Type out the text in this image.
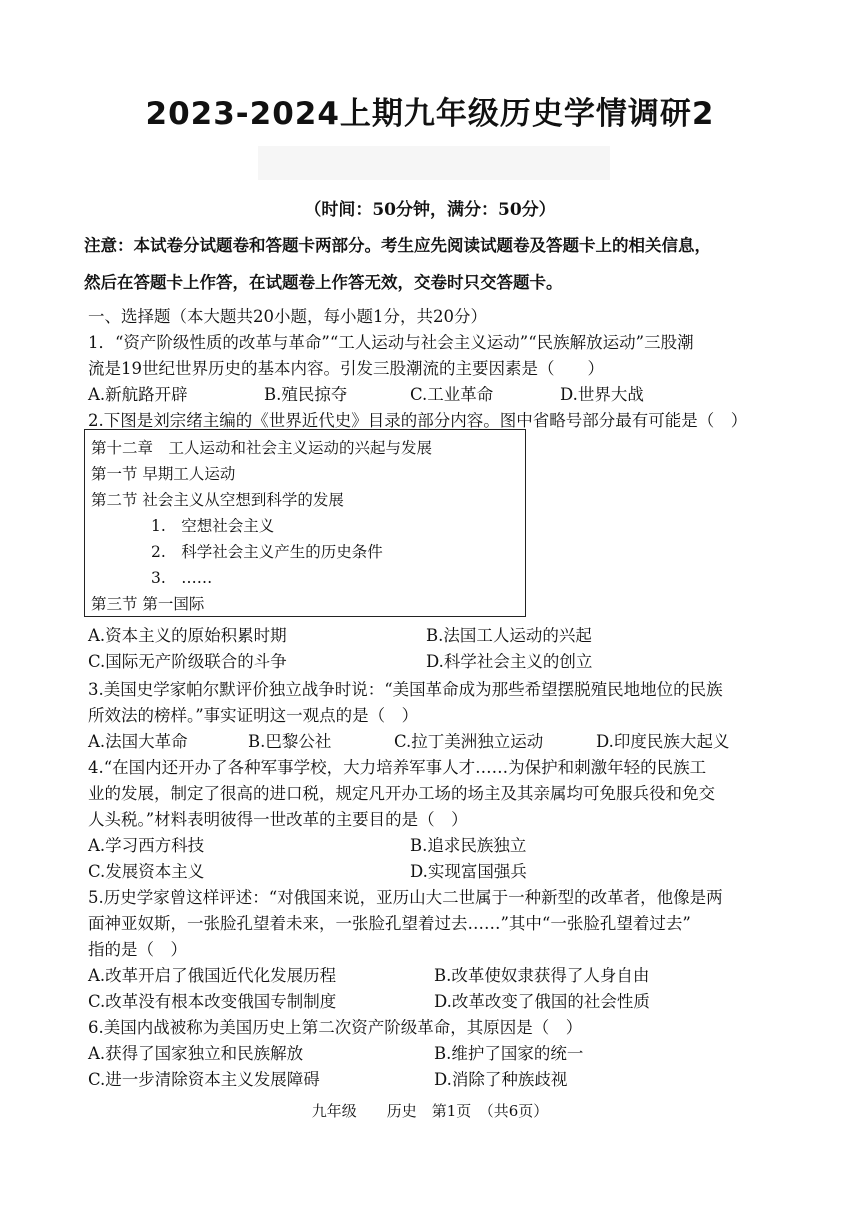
2023-2024上期九年级历史学情调研2
（时间：50分钟，满分：50分）
注意：本试卷分试题卷和答题卡两部分。考生应先阅读试题卷及答题卡上的相关信息，
然后在答题卡上作答，在试题卷上作答无效，交卷时只交答题卡。
一、选择题（本大题共20小题，每小题1分，共20分）
1．“资产阶级性质的改革与革命”“工人运动与社会主义运动”“民族解放运动”三股潮
流是19世纪世界历史的基本内容。引发三股潮流的主要因素是（　　）
A.新航路开辟	B.殖民掠夺	C.工业革命	D.世界大战
2.下图是刘宗绪主编的《世界近代史》目录的部分内容。图中省略号部分最有可能是（　）
第十二章　工人运动和社会主义运动的兴起与发展
第一节 早期工人运动
第二节 社会主义从空想到科学的发展
1.　空想社会主义
2.　科学社会主义产生的历史条件
3.　……
第三节 第一国际
A.资本主义的原始积累时期	B.法国工人运动的兴起
C.国际无产阶级联合的斗争	D.科学社会主义的创立
3.美国史学家帕尔默评价独立战争时说：“美国革命成为那些希望摆脱殖民地地位的民族
所效法的榜样。”事实证明这一观点的是（　）
A.法国大革命	B.巴黎公社	C.拉丁美洲独立运动	D.印度民族大起义
4.“在国内还开办了各种军事学校，大力培养军事人才……为保护和刺激年轻的民族工
业的发展，制定了很高的进口税，规定凡开办工场的场主及其亲属均可免服兵役和免交
人头税。”材料表明彼得一世改革的主要目的是（　）
A.学习西方科技	B.追求民族独立
C.发展资本主义	D.实现富国强兵
5.历史学家曾这样评述：“对俄国来说，亚历山大二世属于一种新型的改革者，他像是两
面神亚奴斯，一张脸孔望着未来，一张脸孔望着过去……”其中“一张脸孔望着过去”
指的是（　）
A.改革开启了俄国近代化发展历程	B.改革使奴隶获得了人身自由
C.改革没有根本改变俄国专制制度	D.改革改变了俄国的社会性质
6.美国内战被称为美国历史上第二次资产阶级革命，其原因是（　）
A.获得了国家独立和民族解放	B.维护了国家的统一
C.进一步清除资本主义发展障碍	D.消除了种族歧视
九年级　　历史　第1页　（共6页）
